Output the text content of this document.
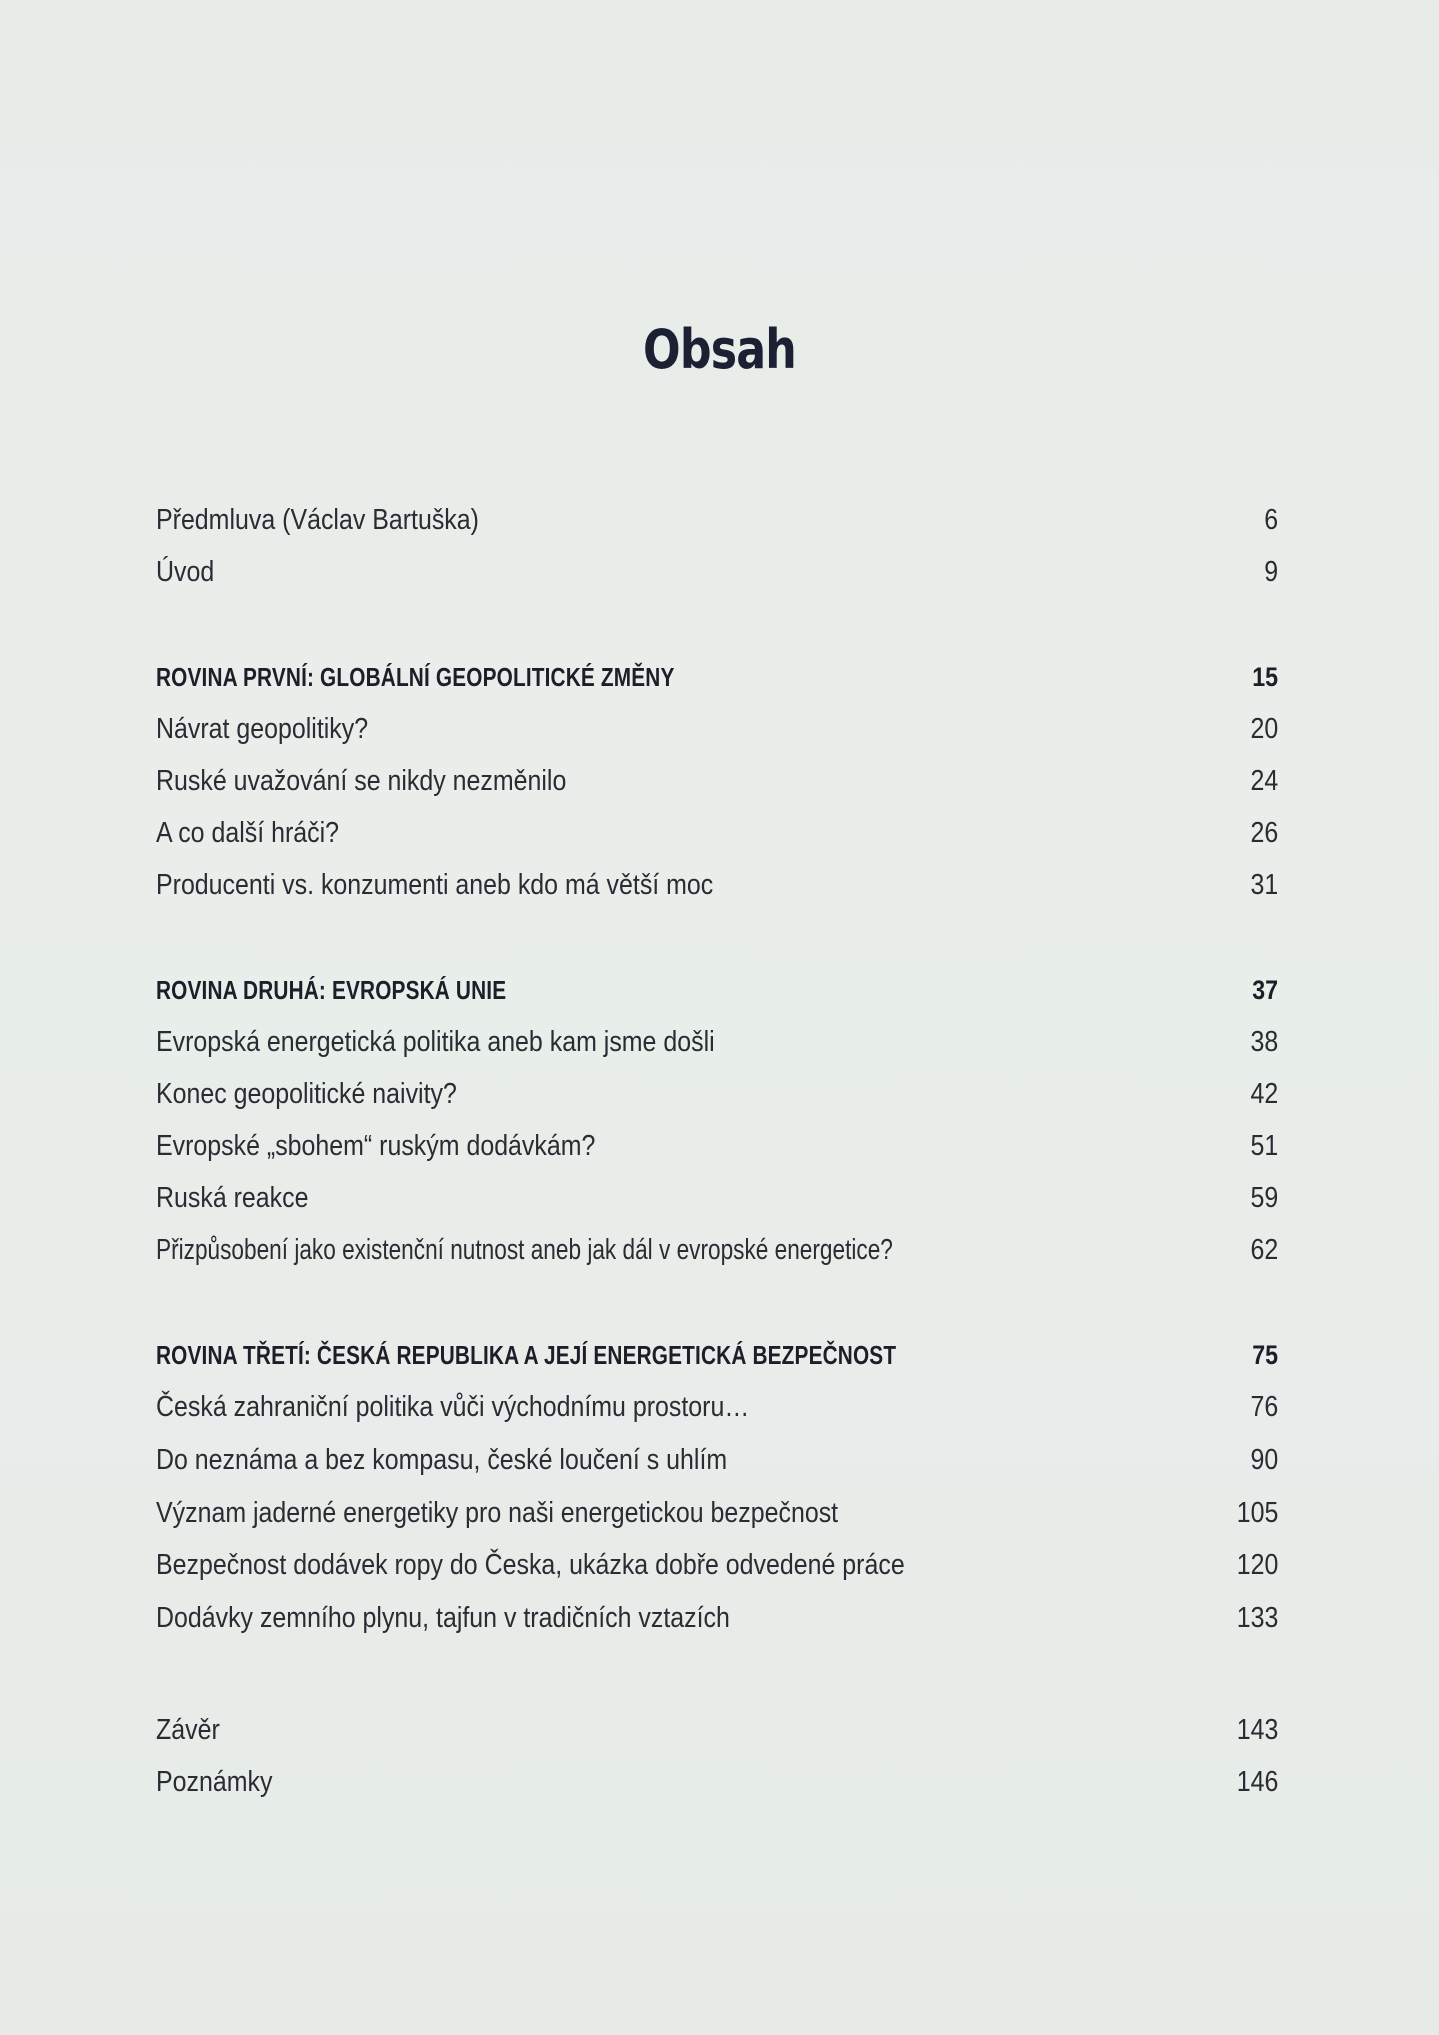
Obsah
Předmluva (Václav Bartuška)	6
Úvod	9
ROVINA PRVNÍ: GLOBÁLNÍ GEOPOLITICKÉ ZMĚNY	15
Návrat geopolitiky?	20
Ruské uvažování se nikdy nezměnilo	24
A co další hráči?	26
Producenti vs. konzumenti aneb kdo má větší moc	31
ROVINA DRUHÁ: EVROPSKÁ UNIE	37
Evropská energetická politika aneb kam jsme došli	38
Konec geopolitické naivity?	42
Evropské „sbohem“ ruským dodávkám?	51
Ruská reakce	59
Přizpůsobení jako existenční nutnost aneb jak dál v evropské energetice?	62
ROVINA TŘETÍ: ČESKÁ REPUBLIKA A JEJÍ ENERGETICKÁ BEZPEČNOST	75
Česká zahraniční politika vůči východnímu prostoru…	76
Do neznáma a bez kompasu, české loučení s uhlím	90
Význam jaderné energetiky pro naši energetickou bezpečnost	105
Bezpečnost dodávek ropy do Česka, ukázka dobře odvedené práce	120
Dodávky zemního plynu, tajfun v tradičních vztazích	133
Závěr	143
Poznámky	146
